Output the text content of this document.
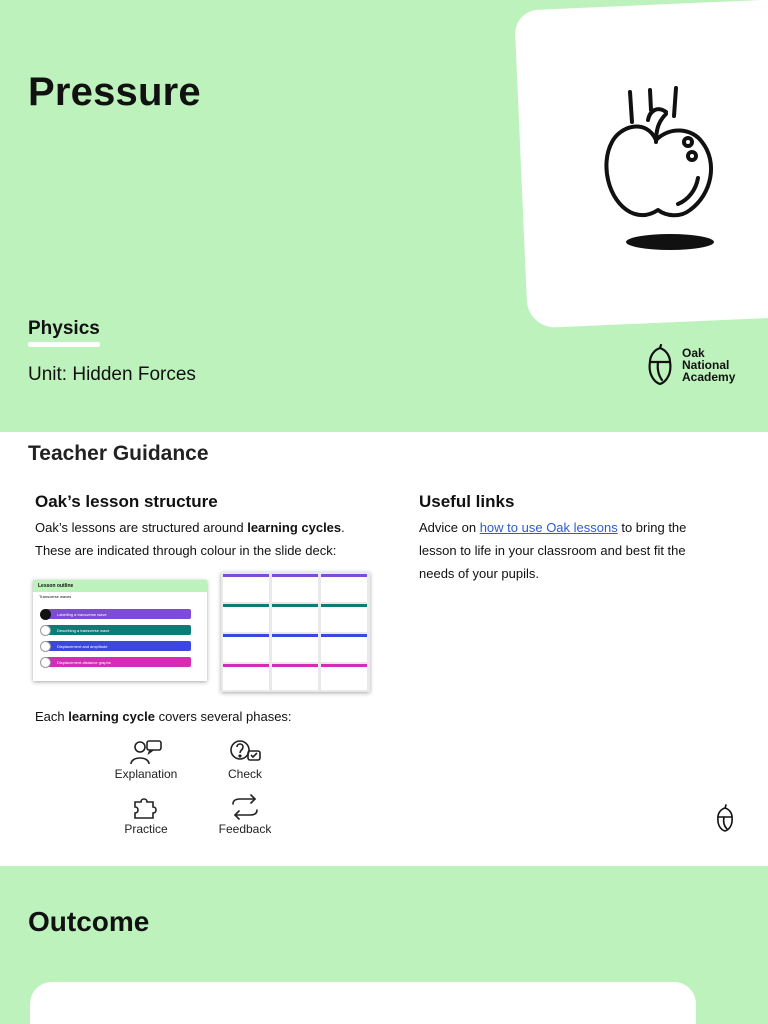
Pressure
Physics
Unit: Hidden Forces
Oak
National
Academy
Teacher Guidance
Oak’s lesson structure
Oak’s lessons are structured around learning cycles.
These are indicated through colour in the slide deck:
Lesson outline
Transverse waves
Labelling a transverse wave
Describing a transverse wave
Displacement and amplitude
Displacement-distance graphs
Each learning cycle covers several phases:
Explanation	Check
Practice	Feedback
Useful links
Advice on how to use Oak lessons to bring the lesson to life in your classroom and best fit the needs of your pupils.
Outcome
